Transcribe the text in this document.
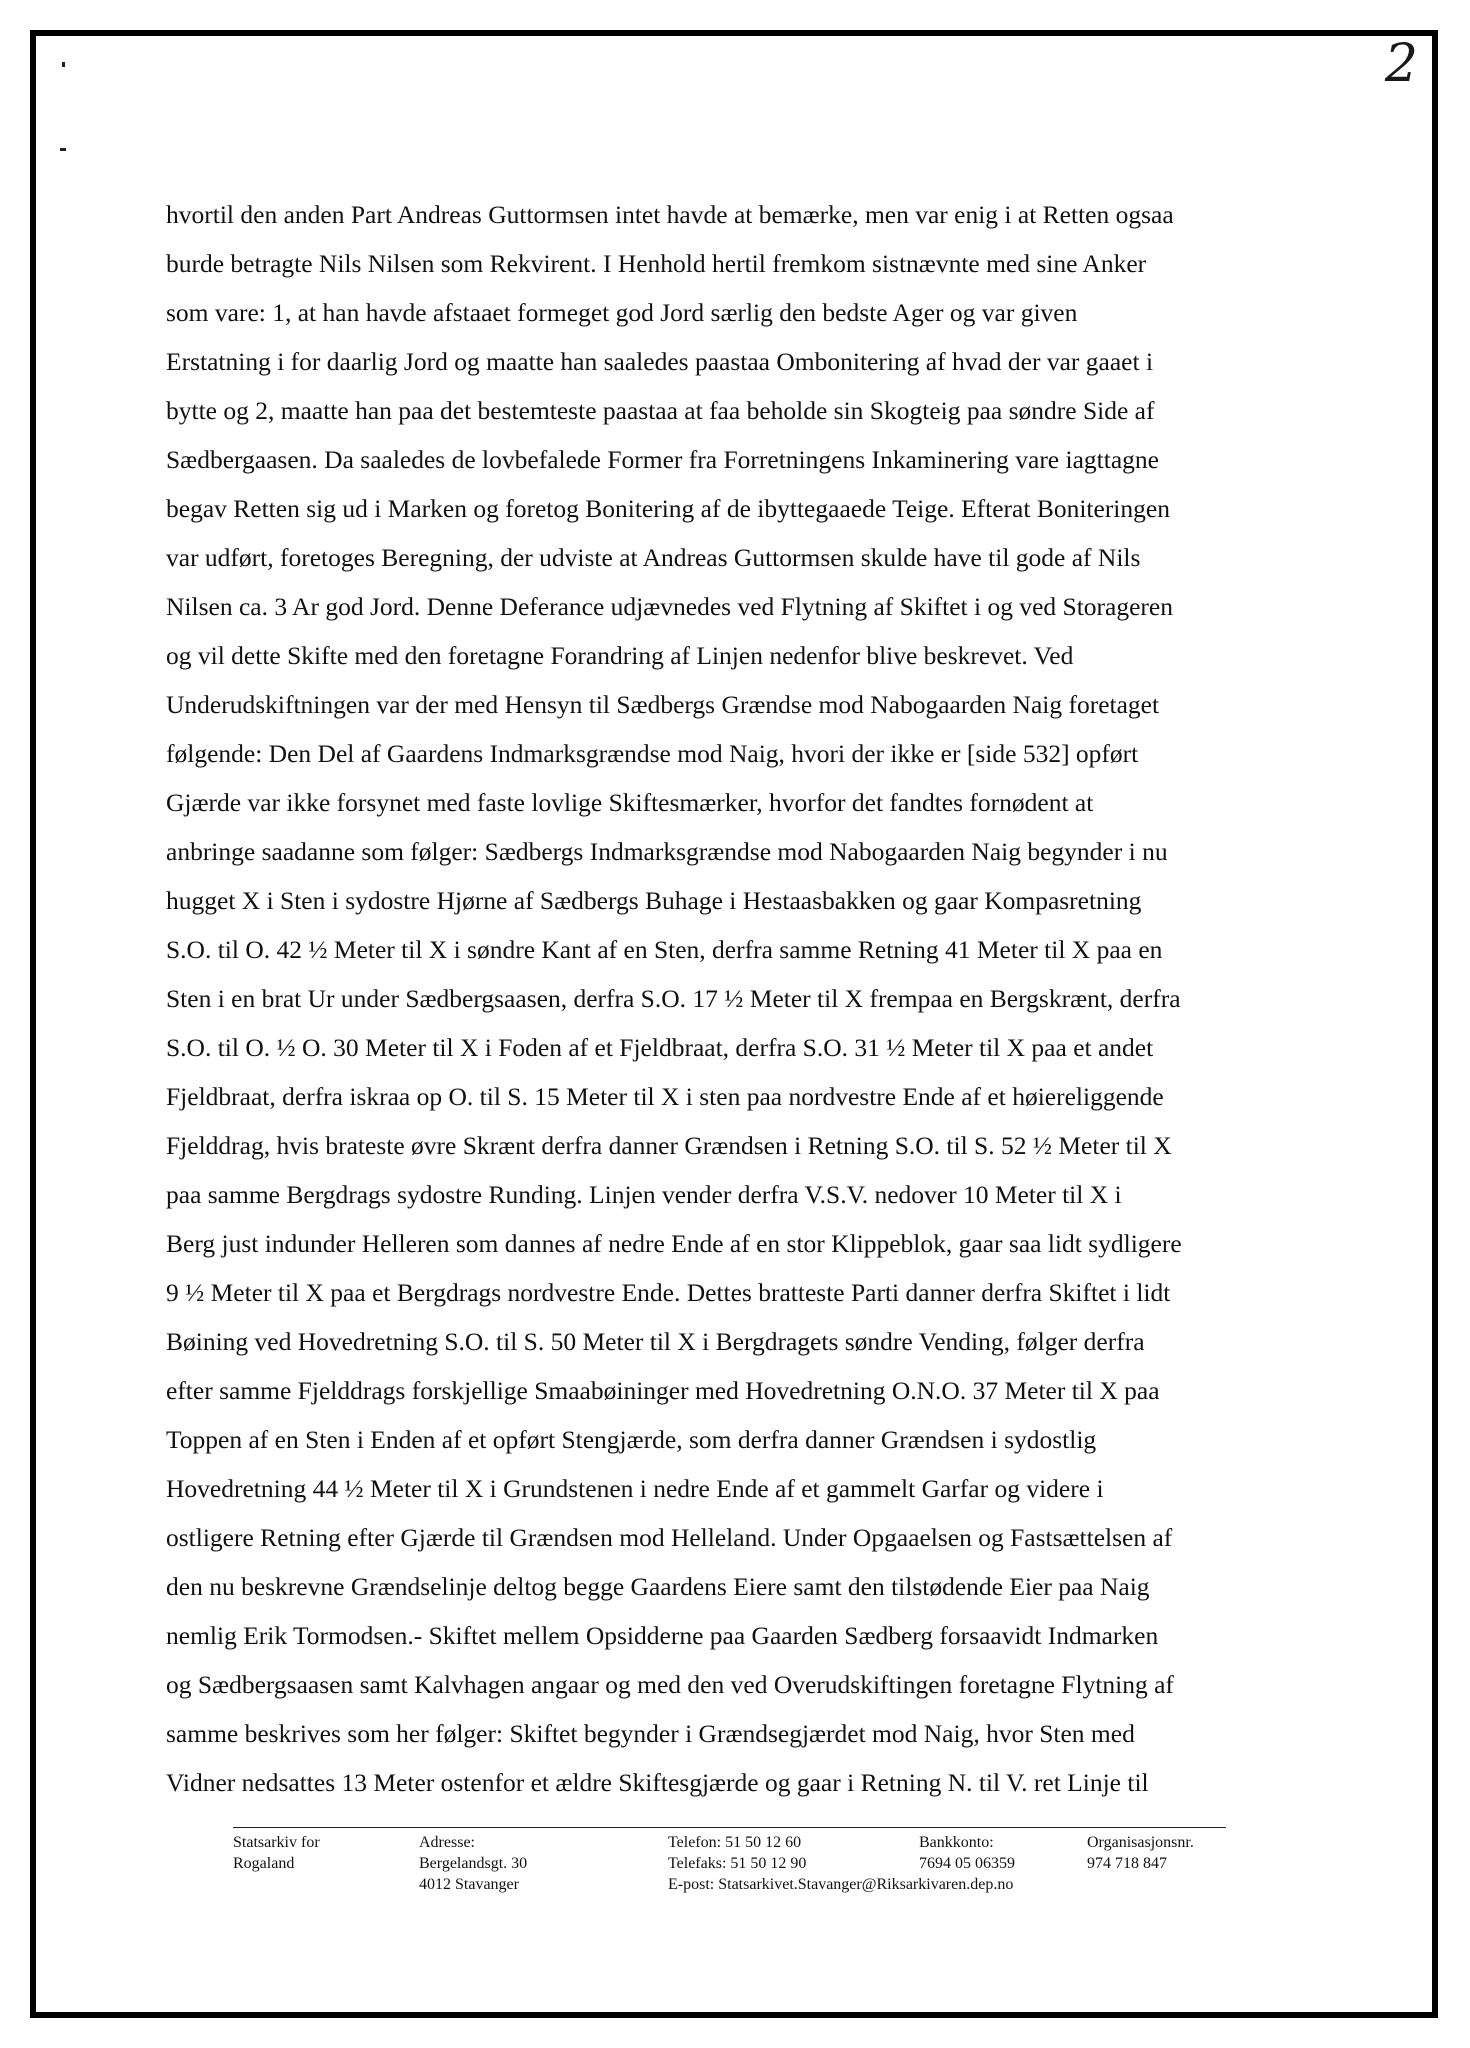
2
hvortil den anden Part Andreas Guttormsen intet havde at bemærke, men var enig i at Retten ogsaa
burde betragte Nils Nilsen som Rekvirent. I Henhold hertil fremkom sistnævnte med sine Anker
som vare: 1, at han havde afstaaet formeget god Jord særlig den bedste Ager og var given
Erstatning i for daarlig Jord og maatte han saaledes paastaa Ombonitering af hvad der var gaaet i
bytte og 2, maatte han paa det bestemteste paastaa at faa beholde sin Skogteig paa søndre Side af
Sædbergaasen. Da saaledes de lovbefalede Former fra Forretningens Inkaminering vare iagttagne
begav Retten sig ud i Marken og foretog Bonitering af de ibyttegaaede Teige. Efterat Boniteringen
var udført, foretoges Beregning, der udviste at Andreas Guttormsen skulde have til gode af Nils
Nilsen ca. 3 Ar god Jord. Denne Deferance udjævnedes ved Flytning af Skiftet i og ved Storageren
og vil dette Skifte med den foretagne Forandring af Linjen nedenfor blive beskrevet. Ved
Underudskiftningen var der med Hensyn til Sædbergs Grændse mod Nabogaarden Naig foretaget
følgende: Den Del af Gaardens Indmarksgrændse mod Naig, hvori der ikke er [side 532] opført
Gjærde var ikke forsynet med faste lovlige Skiftesmærker, hvorfor det fandtes fornødent at
anbringe saadanne som følger: Sædbergs Indmarksgrændse mod Nabogaarden Naig begynder i nu
hugget X i Sten i sydostre Hjørne af Sædbergs Buhage i Hestaasbakken og gaar Kompasretning
S.O. til O. 42 ½ Meter til X i søndre Kant af en Sten, derfra samme Retning 41 Meter til X paa en
Sten i en brat Ur under Sædbergsaasen, derfra S.O. 17 ½ Meter til X frempaa en Bergskrænt, derfra
S.O. til O. ½ O. 30 Meter til X i Foden af et Fjeldbraat, derfra S.O. 31 ½ Meter til X paa et andet
Fjeldbraat, derfra iskraa op O. til S. 15 Meter til X i sten paa nordvestre Ende af et høiereliggende
Fjelddrag, hvis brateste øvre Skrænt derfra danner Grændsen i Retning S.O. til S. 52 ½ Meter til X
paa samme Bergdrags sydostre Runding. Linjen vender derfra V.S.V. nedover 10 Meter til X i
Berg just indunder Helleren som dannes af nedre Ende af en stor Klippeblok, gaar saa lidt sydligere
9 ½ Meter til X paa et Bergdrags nordvestre Ende. Dettes bratteste Parti danner derfra Skiftet i lidt
Bøining ved Hovedretning S.O. til S. 50 Meter til X i Bergdragets søndre Vending, følger derfra
efter samme Fjelddrags forskjellige Smaabøininger med Hovedretning O.N.O. 37 Meter til X paa
Toppen af en Sten i Enden af et opført Stengjærde, som derfra danner Grændsen i sydostlig
Hovedretning 44 ½ Meter til X i Grundstenen i nedre Ende af et gammelt Garfar og videre i
ostligere Retning efter Gjærde til Grændsen mod Helleland. Under Opgaaelsen og Fastsættelsen af
den nu beskrevne Grændselinje deltog begge Gaardens Eiere samt den tilstødende Eier paa Naig
nemlig Erik Tormodsen.- Skiftet mellem Opsidderne paa Gaarden Sædberg forsaavidt Indmarken
og Sædbergsaasen samt Kalvhagen angaar og med den ved Overudskiftingen foretagne Flytning af
samme beskrives som her følger: Skiftet begynder i Grændsegjærdet mod Naig, hvor Sten med
Vidner nedsattes 13 Meter ostenfor et ældre Skiftesgjærde og gaar i Retning N. til V. ret Linje til
Statsarkiv for
Rogaland
Adresse:
Bergelandsgt. 30
4012 Stavanger
Telefon: 51 50 12 60
Telefaks: 51 50 12 90
E-post: Statsarkivet.Stavanger@Riksarkivaren.dep.no
Bankkonto:
7694 05 06359
Organisasjonsnr.
974 718 847
